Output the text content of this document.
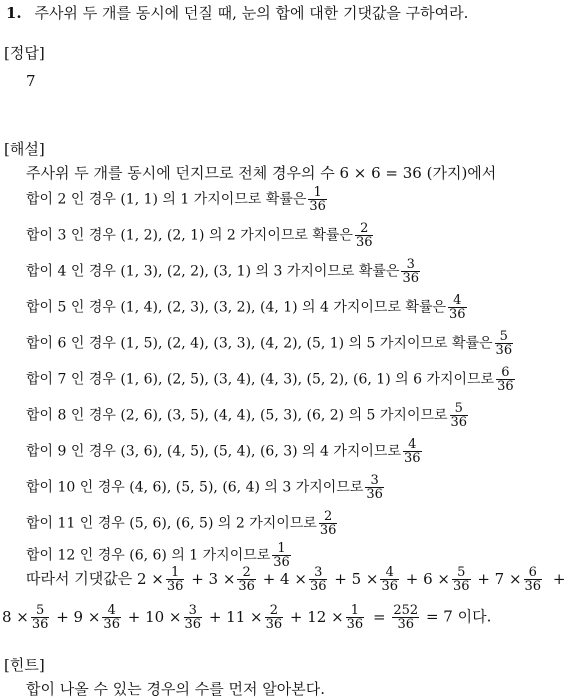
1. 주사위 두 개를 동시에 던질 때, 눈의 합에 대한 기댓값을 구하여라.
[정답]
7
[해설]
주사위 두 개를 동시에 던지므로 전체 경우의 수 6 × 6 = 36 (가지)에서
합이 2 인 경우 (1, 1) 의 1 가지이므로 확률은 $\frac{1}{36}$
합이 3 인 경우 (1, 2), (2, 1) 의 2 가지이므로 확률은 $\frac{2}{36}$
합이 4 인 경우 (1, 3), (2, 2), (3, 1) 의 3 가지이므로 확률은 $\frac{3}{36}$
합이 5 인 경우 (1, 4), (2, 3), (3, 2), (4, 1) 의 4 가지이므로 확률은 $\frac{4}{36}$
합이 6 인 경우 (1, 5), (2, 4), (3, 3), (4, 2), (5, 1) 의 5 가지이므로 확률은 $\frac{5}{36}$
합이 7 인 경우 (1, 6), (2, 5), (3, 4), (4, 3), (5, 2), (6, 1) 의 6 가지이므로 $\frac{6}{36}$
합이 8 인 경우 (2, 6), (3, 5), (4, 4), (5, 3), (6, 2) 의 5 가지이므로 $\frac{5}{36}$
합이 9 인 경우 (3, 6), (4, 5), (5, 4), (6, 3) 의 4 가지이므로 $\frac{4}{36}$
합이 10 인 경우 (4, 6), (5, 5), (6, 4) 의 3 가지이므로 $\frac{3}{36}$
합이 11 인 경우 (5, 6), (6, 5) 의 2 가지이므로 $\frac{2}{36}$
합이 12 인 경우 (6, 6) 의 1 가지이므로 $\frac{1}{36}$
따라서 기댓값은 $2 \times \frac{1}{36} + 3 \times \frac{2}{36} + 4 \times \frac{3}{36} + 5 \times \frac{4}{36} + 6 \times \frac{5}{36} + 7 \times \frac{6}{36}$ +
$8 \times \frac{5}{36} + 9 \times \frac{4}{36} + 10 \times \frac{3}{36} + 11 \times \frac{2}{36} + 12 \times \frac{1}{36} = \frac{252}{36} = 7$ 이다.
[힌트]
합이 나올 수 있는 경우의 수를 먼저 알아본다.
